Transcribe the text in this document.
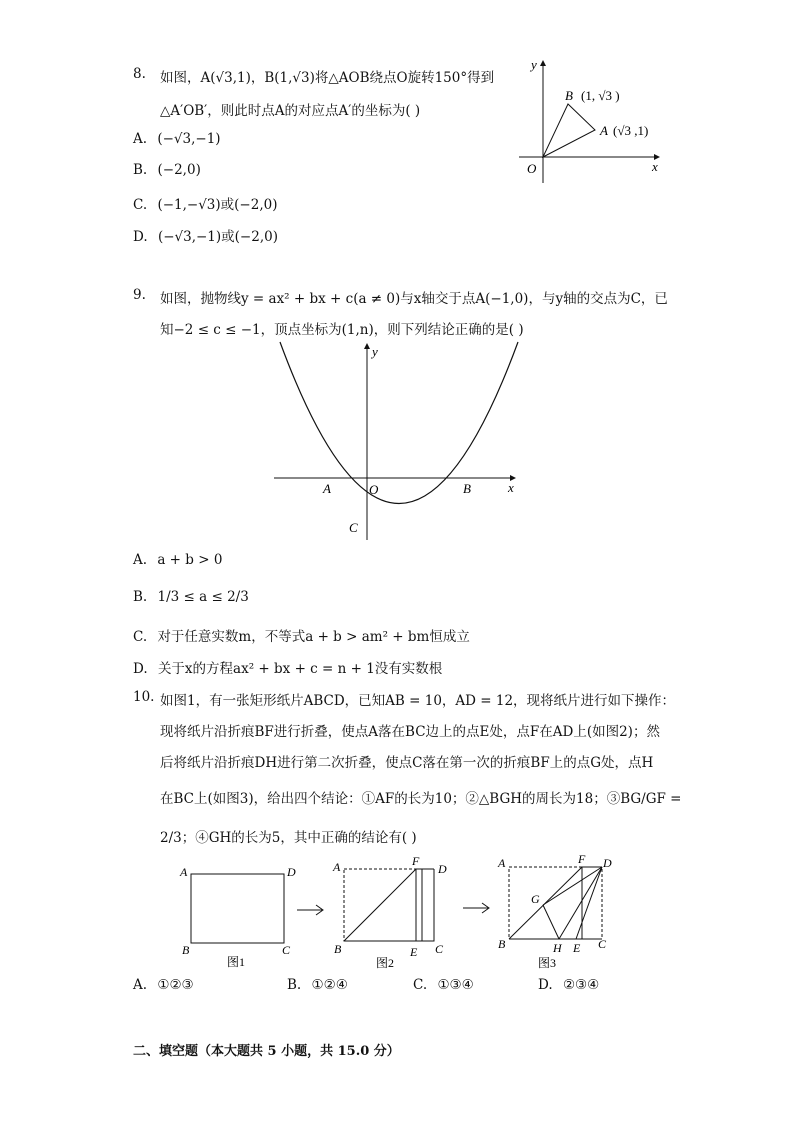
8. 如图，A(√3,1)，B(1,√3)将△AOB绕点O旋转150°得到
△A′OB′，则此时点A的对应点A′的坐标为( )
A. (−√3,−1)
B. (−2,0)
C. (−1,−√3)或(−2,0)
D. (−√3,−1)或(−2,0)
y
x
O
B (1, √3 )
A (√3 ,1)
9. 如图，抛物线y = ax² + bx + c(a ≠ 0)与x轴交于点A(−1,0)，与y轴的交点为C，已
知−2 ≤ c ≤ −1，顶点坐标为(1,n)，则下列结论正确的是( )
y
x
O
A	B
C
A. a + b > 0
B. 1/3 ≤ a ≤ 2/3
C. 对于任意实数m，不等式a + b > am² + bm恒成立
D. 关于x的方程ax² + bx + c = n + 1没有实数根
10. 如图1，有一张矩形纸片ABCD，已知AB = 10，AD = 12，现将纸片进行如下操作：
现将纸片沿折痕BF进行折叠，使点A落在BC边上的点E处，点F在AD上(如图2)；然
后将纸片沿折痕DH进行第二次折叠，使点C落在第一次的折痕BF上的点G处，点H
在BC上(如图3)，给出四个结论：①AF的长为10；②△BGH的周长为18；③BG/GF =
2/3；④GH的长为5，其中正确的结论有( )
A	D
B	C
图1
A	F
D
B	E C
图2
A	F D
G
B	H E C
图3
A. ①②③	B. ①②④	C. ①③④	D. ②③④
二、填空题（本大题共 5 小题，共 15.0 分）
